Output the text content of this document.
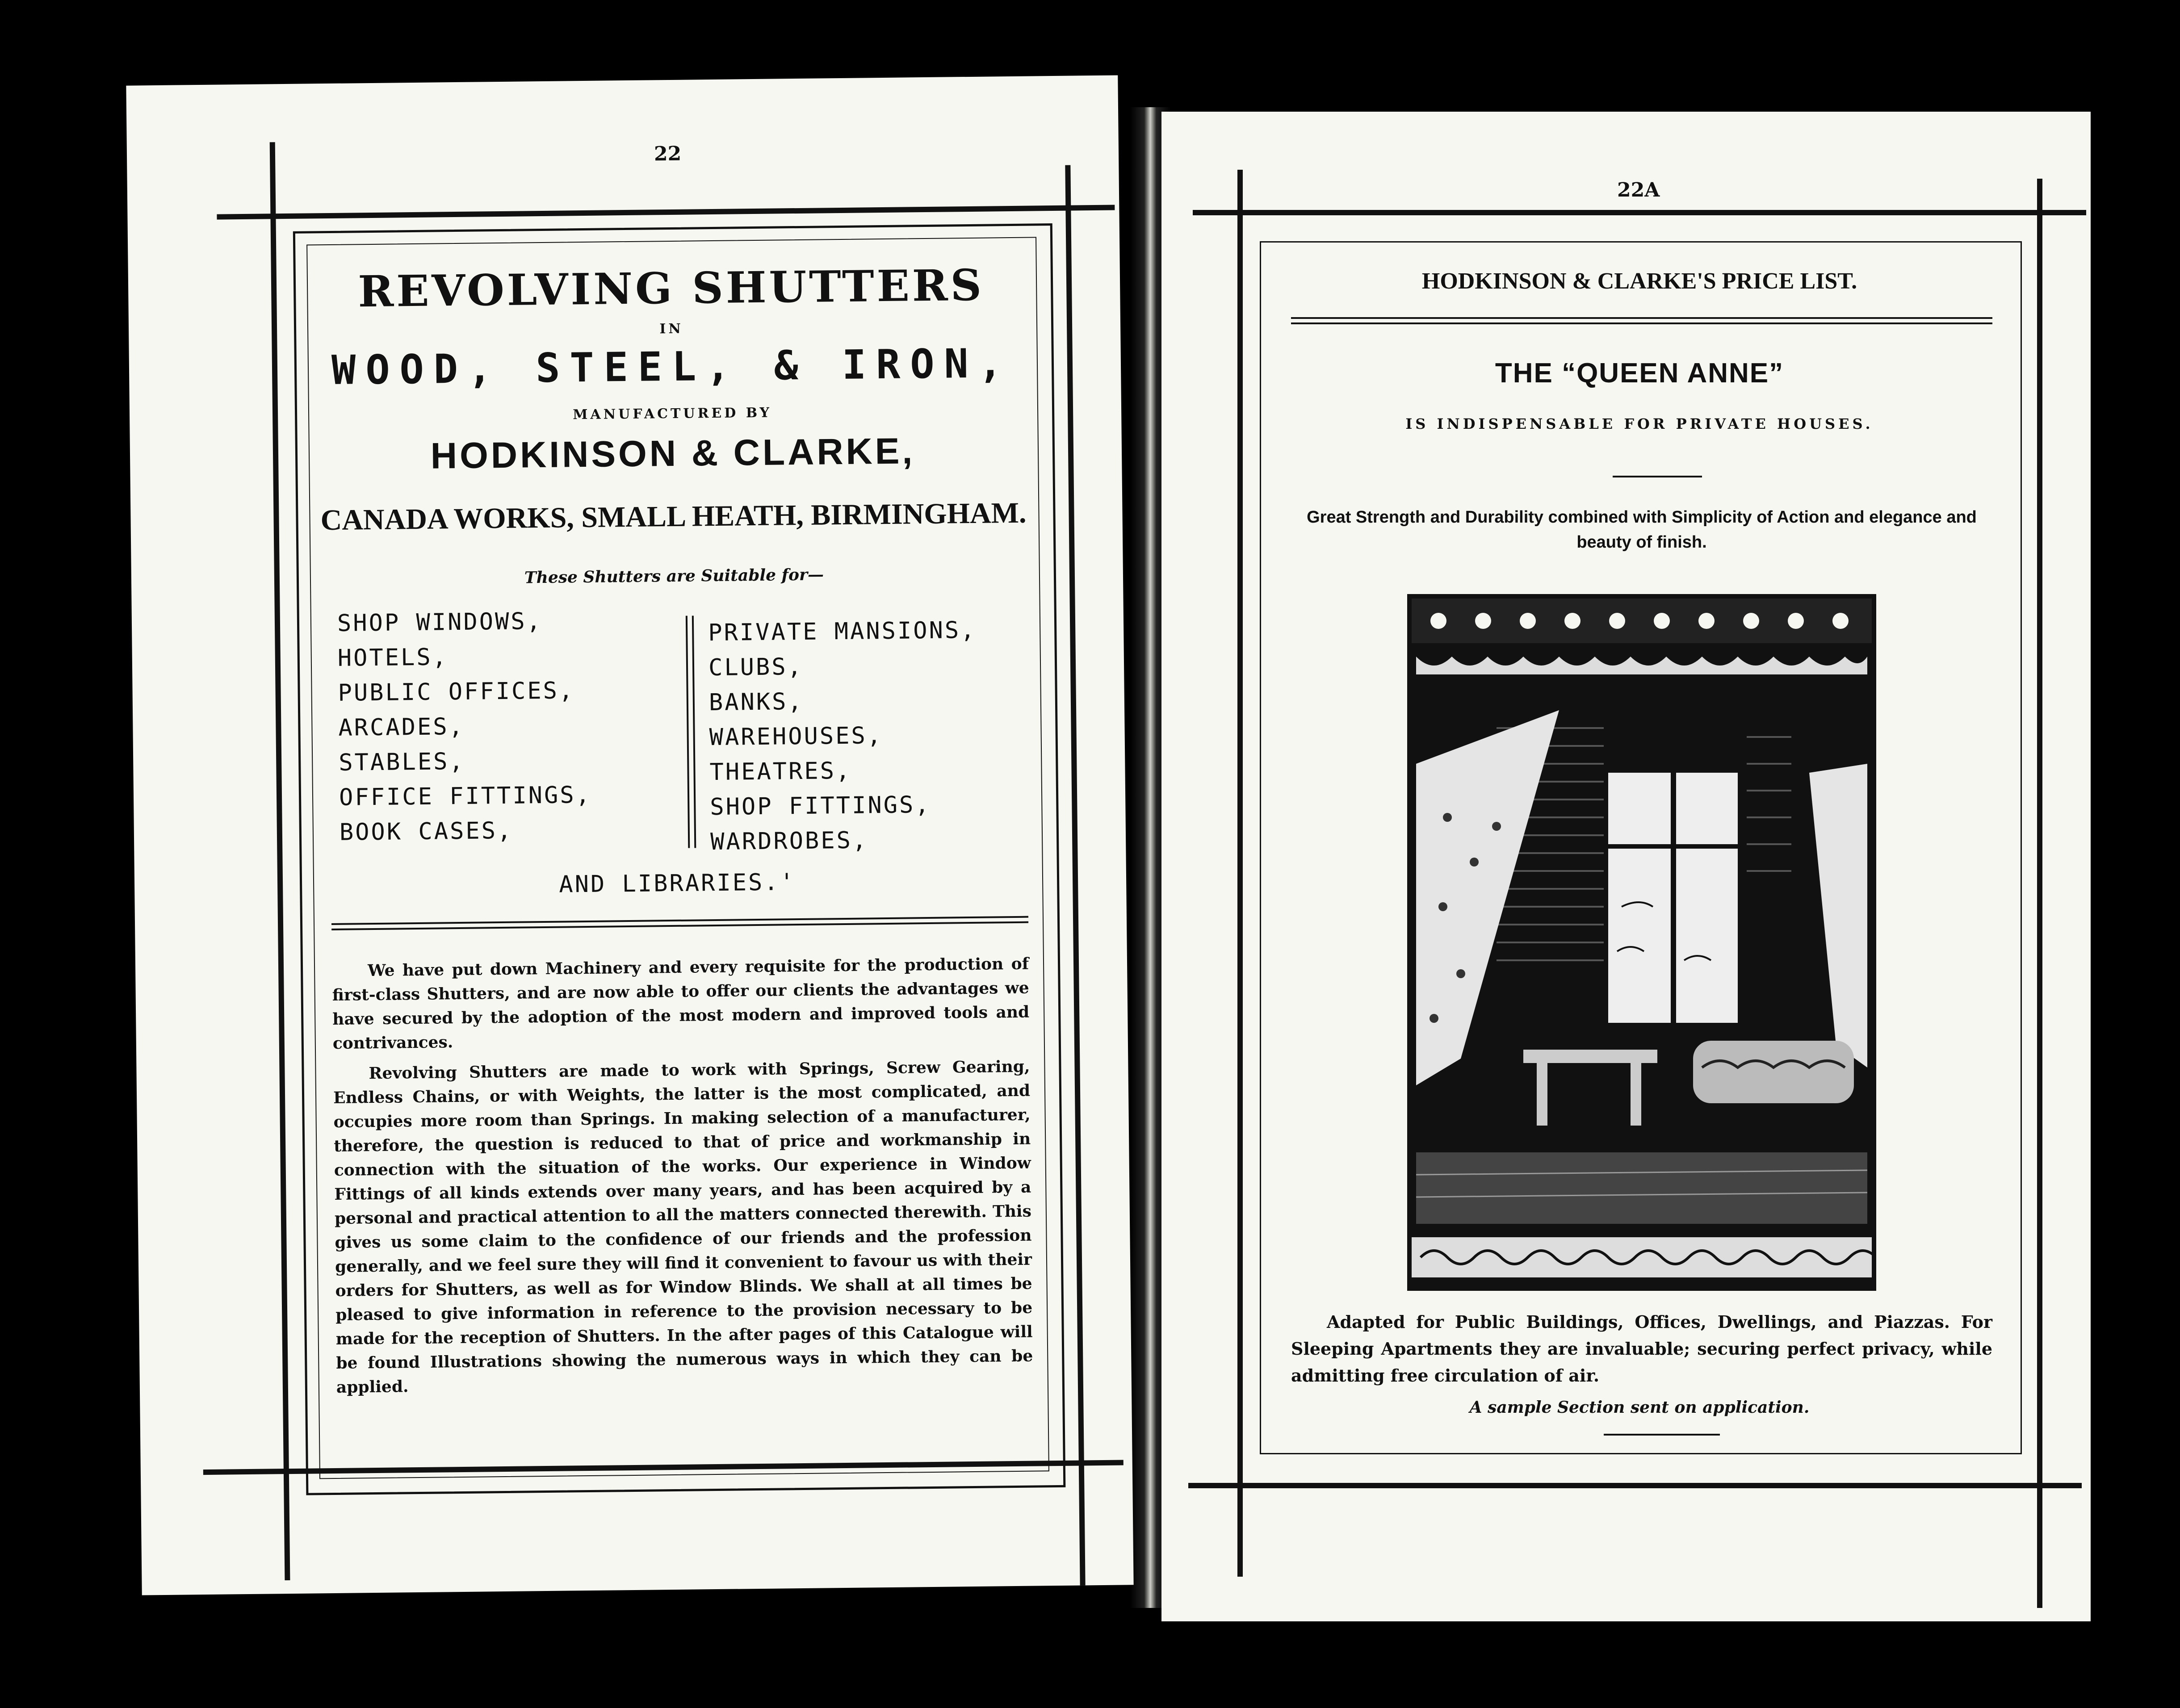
22
REVOLVING SHUTTERS
IN
WOOD, STEEL, & IRON,
MANUFACTURED BY
HODKINSON & CLARKE,
CANADA WORKS, SMALL HEATH, BIRMINGHAM.
These Shutters are Suitable for—
SHOP WINDOWS,
HOTELS,
PUBLIC OFFICES,
ARCADES,
STABLES,
OFFICE FITTINGS,
BOOK CASES,
PRIVATE MANSIONS,
CLUBS,
BANKS,
WAREHOUSES,
THEATRES,
SHOP FITTINGS,
WARDROBES,
AND LIBRARIES.'
We have put down Machinery and every requisite for the production of first-class Shutters, and are now able to offer our clients the advantages we have secured by the adoption of the most modern and improved tools and contrivances.
Revolving Shutters are made to work with Springs, Screw Gearing, Endless Chains, or with Weights, the latter is the most complicated, and occupies more room than Springs. In making selection of a manufacturer, therefore, the question is reduced to that of price and workmanship in connection with the situation of the works. Our experience in Window Fittings of all kinds extends over many years, and has been acquired by a personal and practical attention to all the matters connected therewith. This gives us some claim to the confidence of our friends and the profession generally, and we feel sure they will find it convenient to favour us with their orders for Shutters, as well as for Window Blinds. We shall at all times be pleased to give information in reference to the provision necessary to be made for the reception of Shutters. In the after pages of this Catalogue will be found Illustrations showing the numerous ways in which they can be applied.
22A
HODKINSON & CLARKE'S PRICE LIST.
THE “QUEEN ANNE”
IS INDISPENSABLE FOR PRIVATE HOUSES.
Great Strength and Durability combined with Simplicity of Action and elegance and beauty of finish.
Adapted for Public Buildings, Offices, Dwellings, and Piazzas. For Sleeping Apartments they are invaluable; securing perfect privacy, while admitting free circulation of air.
A sample Section sent on application.
